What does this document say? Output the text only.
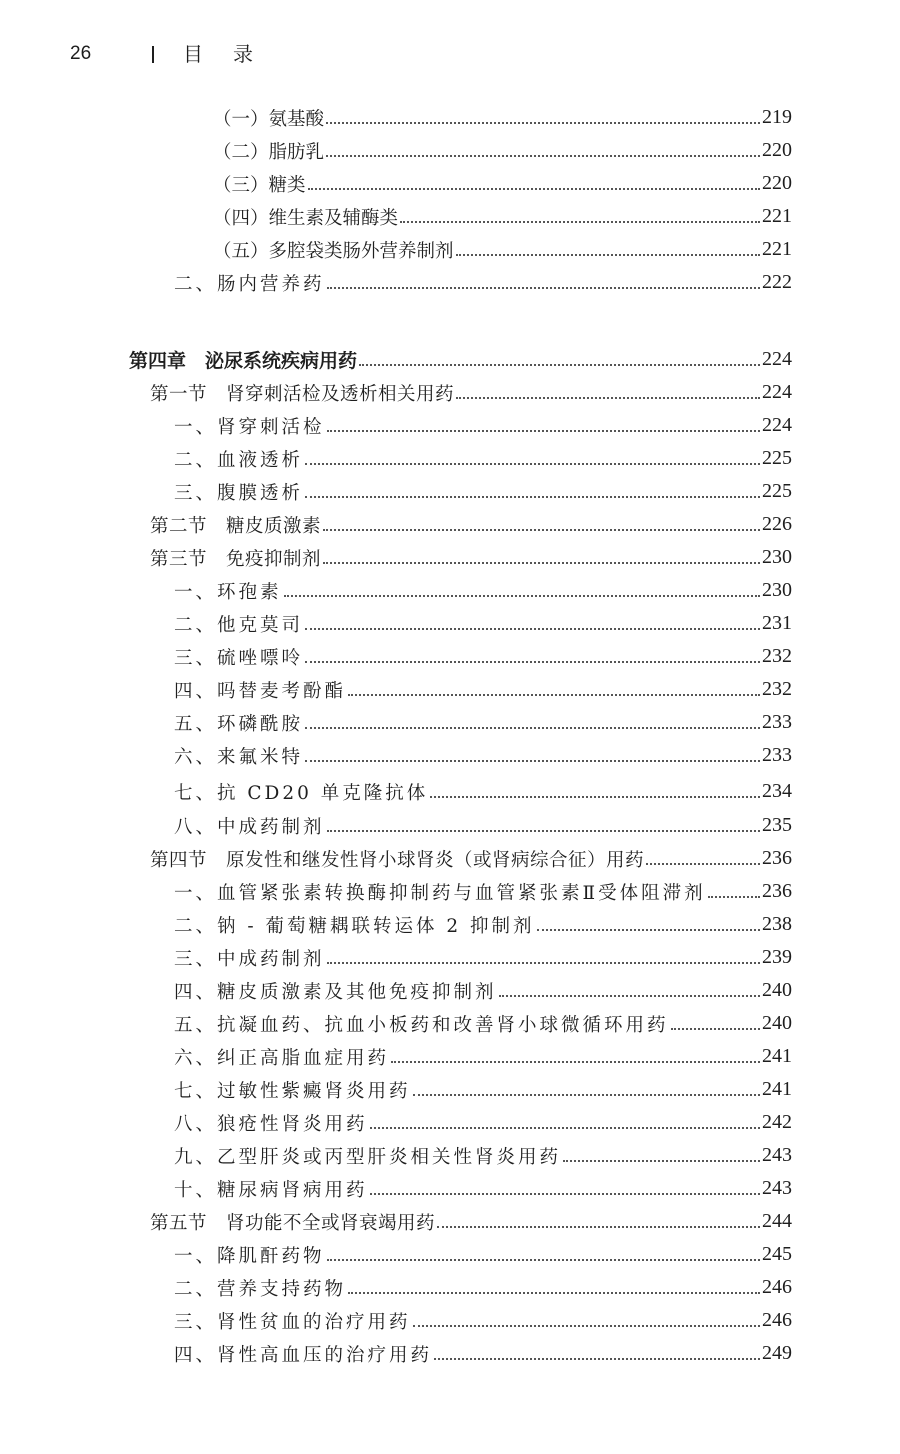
26	目录
（一）氨基酸	219
（二）脂肪乳	220
（三）糖类	220
（四）维生素及辅酶类	221
（五）多腔袋类肠外营养制剂	221
二、肠内营养药	222
第四章　泌尿系统疾病用药	224
第一节　肾穿刺活检及透析相关用药	224
一、肾穿刺活检	224
二、血液透析	225
三、腹膜透析	225
第二节　糖皮质激素	226
第三节　免疫抑制剂	230
一、环孢素	230
二、他克莫司	231
三、硫唑嘌呤	232
四、吗替麦考酚酯	232
五、环磷酰胺	233
六、来氟米特	233
七、抗 CD20 单克隆抗体	234
八、中成药制剂	235
第四节　原发性和继发性肾小球肾炎（或肾病综合征）用药	236
一、血管紧张素转换酶抑制药与血管紧张素Ⅱ受体阻滞剂	236
二、钠 - 葡萄糖耦联转运体 2 抑制剂	238
三、中成药制剂	239
四、糖皮质激素及其他免疫抑制剂	240
五、抗凝血药、抗血小板药和改善肾小球微循环用药	240
六、纠正高脂血症用药	241
七、过敏性紫癜肾炎用药	241
八、狼疮性肾炎用药	242
九、乙型肝炎或丙型肝炎相关性肾炎用药	243
十、糖尿病肾病用药	243
第五节　肾功能不全或肾衰竭用药	244
一、降肌酐药物	245
二、营养支持药物	246
三、肾性贫血的治疗用药	246
四、肾性高血压的治疗用药	249
